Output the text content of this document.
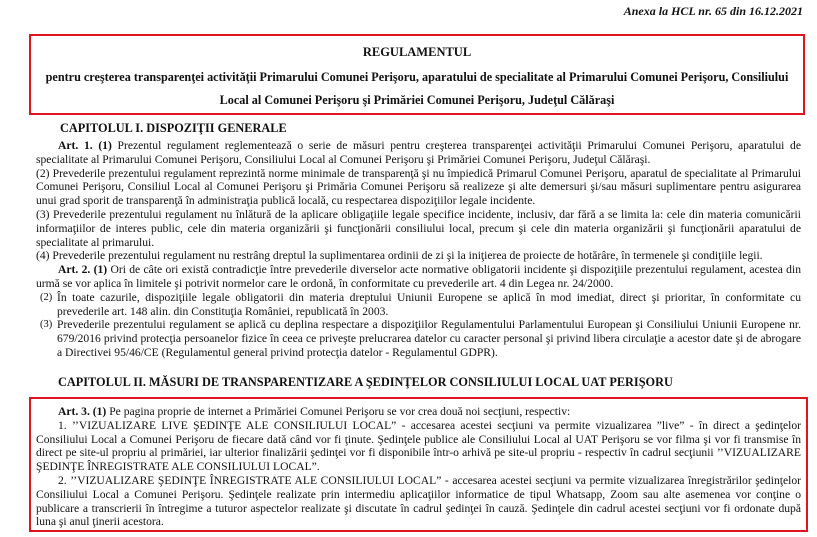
Anexa la HCL nr. 65 din 16.12.2021
REGULAMENTUL
pentru creşterea transparenţei activităţii Primarului Comunei Perişoru, aparatului de specialitate al Primarului Comunei Perişoru, Consiliului Local al Comunei Perişoru şi Primăriei Comunei Perişoru, Judeţul Călăraşi
CAPITOLUL I. DISPOZIŢII GENERALE

Art. 1. (1) Prezentul regulament reglementează o serie de măsuri pentru creşterea transparenţei activităţii Primarului Comunei Perişoru, aparatului de specialitate al Primarului Comunei Perişoru, Consiliului Local al Comunei Perişoru şi Primăriei Comunei Perişoru, Judeţul Călăraşi.

(2) Prevederile prezentului regulament reprezintă norme minimale de transparenţă şi nu împiedică Primarul Comunei Perişoru, aparatul de specialitate al Primarului Comunei Perişoru, Consiliul Local al Comunei Perişoru şi Primăria Comunei Perişoru să realizeze şi alte demersuri şi/sau măsuri suplimentare pentru asigurarea unui grad sporit de transparenţă în administraţia publică locală, cu respectarea dispoziţiilor legale incidente.

(3) Prevederile prezentului regulament nu înlătură de la aplicare obligaţiile legale specifice incidente, inclusiv, dar fără a se limita la: cele din materia comunicării informaţiilor de interes public, cele din materia organizării şi funcţionării consiliului local, precum şi cele din materia organizării şi funcţionării aparatului de specialitate al primarului.

(4) Prevederile prezentului regulament nu restrâng dreptul la suplimentarea ordinii de zi şi la iniţierea de proiecte de hotărâre, în termenele şi condiţiile legii.

Art. 2. (1) Ori de câte ori există contradicţie între prevederile diverselor acte normative obligatorii incidente şi dispoziţiile prezentului regulament, acestea din urmă se vor aplica în limitele şi potrivit normelor care le ordonă, în conformitate cu prevederile art. 4 din Legea nr. 24/2000.

(2) În toate cazurile, dispoziţiile legale obligatorii din materia dreptului Uniunii Europene se aplică în mod imediat, direct şi prioritar, în conformitate cu prevederile art. 148 alin. din Constituţia României, republicată în 2003.
(3) Prevederile prezentului regulament se aplică cu deplina respectare a dispoziţiilor Regulamentului Parlamentului European şi Consiliului Uniunii Europene nr. 679/2016 privind protecţia persoanelor fizice în ceea ce priveşte prelucrarea datelor cu caracter personal şi privind libera circulaţie a acestor date şi de abrogare a Directivei 95/46/CE (Regulamentul general privind protecţia datelor - Regulamentul GDPR).
CAPITOLUL II. MĂSURI DE TRANSPARENTIZARE A ŞEDINŢELOR CONSILIULUI LOCAL UAT PERIŞORU

Art. 3. (1) Pe pagina proprie de internet a Primăriei Comunei Perişoru se vor crea două noi secţiuni, respectiv:

1. ’’VIZUALIZARE LIVE ŞEDINŢE ALE CONSILIULUI LOCAL” - accesarea acestei secţiuni va permite vizualizarea ”live” - în direct a şedinţelor Consiliului Local a Comunei Perişoru de fiecare dată când vor fi ţinute. Şedinţele publice ale Consiliului Local al UAT Perişoru se vor filma şi vor fi transmise în direct pe site-ul propriu al primăriei, iar ulterior finalizării şedinţei vor fi disponibile într-o arhivă pe site-ul propriu - respectiv în cadrul secţiunii ’’VIZUALIZARE ŞEDINŢE ÎNREGISTRATE ALE CONSILIULUI LOCAL”.

2. ’’VIZUALIZARE ŞEDINŢE ÎNREGISTRATE ALE CONSILIULUI LOCAL” - accesarea acestei secţiuni va permite vizualizarea înregistrărilor şedinţelor Consiliului Local a Comunei Perişoru. Şedinţele realizate prin intermediu aplicaţiilor informatice de tipul Whatsapp, Zoom sau alte asemenea vor conţine o publicare a transcrierii în întregime a tuturor aspectelor realizate şi discutate în cadrul şedinţei în cauză. Şedinţele din cadrul acestei secţiuni vor fi ordonate după luna şi anul ţinerii acestora.
